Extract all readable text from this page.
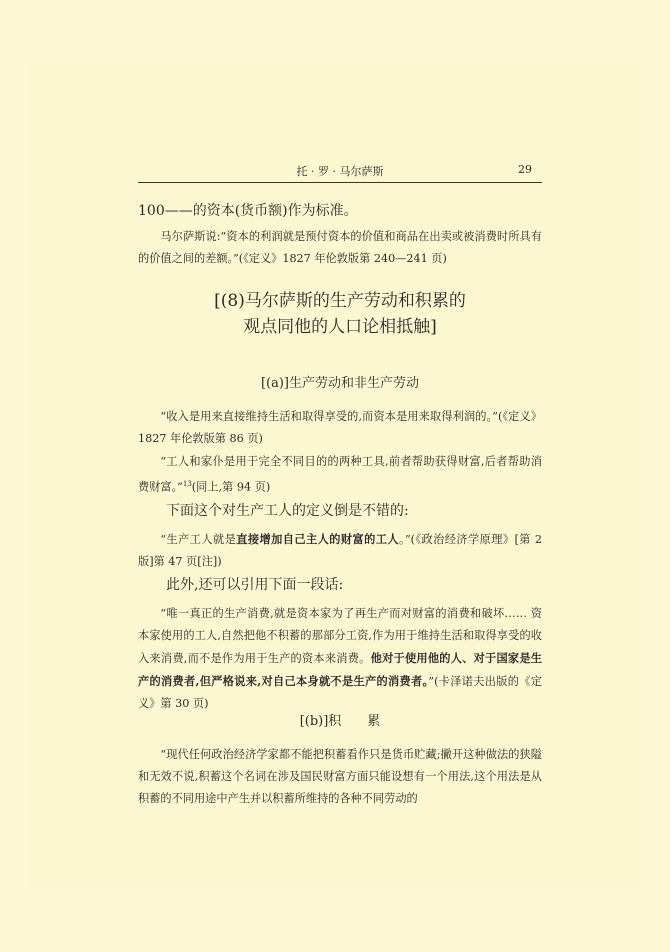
托 · 罗 · 马尔萨斯	29

100——的资本(货币额)作为标准。

马尔萨斯说:“资本的利润就是预付资本的价值和商品在出卖或被消费时所具有的价值之间的差额。”(《定义》1827 年伦敦版第 240—241 页)

[(8)马尔萨斯的生产劳动和积累的

观点同他的人口论相抵触]

[(a)]生产劳动和非生产劳动

“收入是用来直接维持生活和取得享受的,而资本是用来取得利润的。”(《定义》1827 年伦敦版第 86 页)

“工人和家仆是用于完全不同目的的两种工具,前者帮助获得财富,后者帮助消费财富。”$^{13}$(同上,第 94 页)

下面这个对生产工人的定义倒是不错的:

“生产工人就是直接增加自己主人的财富的工人。”(《政治经济学原理》[第 2 版]第 47 页[注])

此外,还可以引用下面一段话:

“唯一真正的生产消费,就是资本家为了再生产而对财富的消费和破坏…… 资本家使用的工人,自然把他不积蓄的那部分工资,作为用于维持生活和取得享受的收入来消费,而不是作为用于生产的资本来消费。他对于使用他的人、对于国家是生产的消费者,但严格说来,对自己本身就不是生产的消费者。”(卡泽诺夫出版的《定义》第 30 页)

[(b)]积　　累

“现代任何政治经济学家都不能把积蓄看作只是货币贮藏;撇开这种做法的狭隘和无效不说,积蓄这个名词在涉及国民财富方面只能设想有一个用法,这个用法是从积蓄的不同用途中产生并以积蓄所维持的各种不同劳动的
